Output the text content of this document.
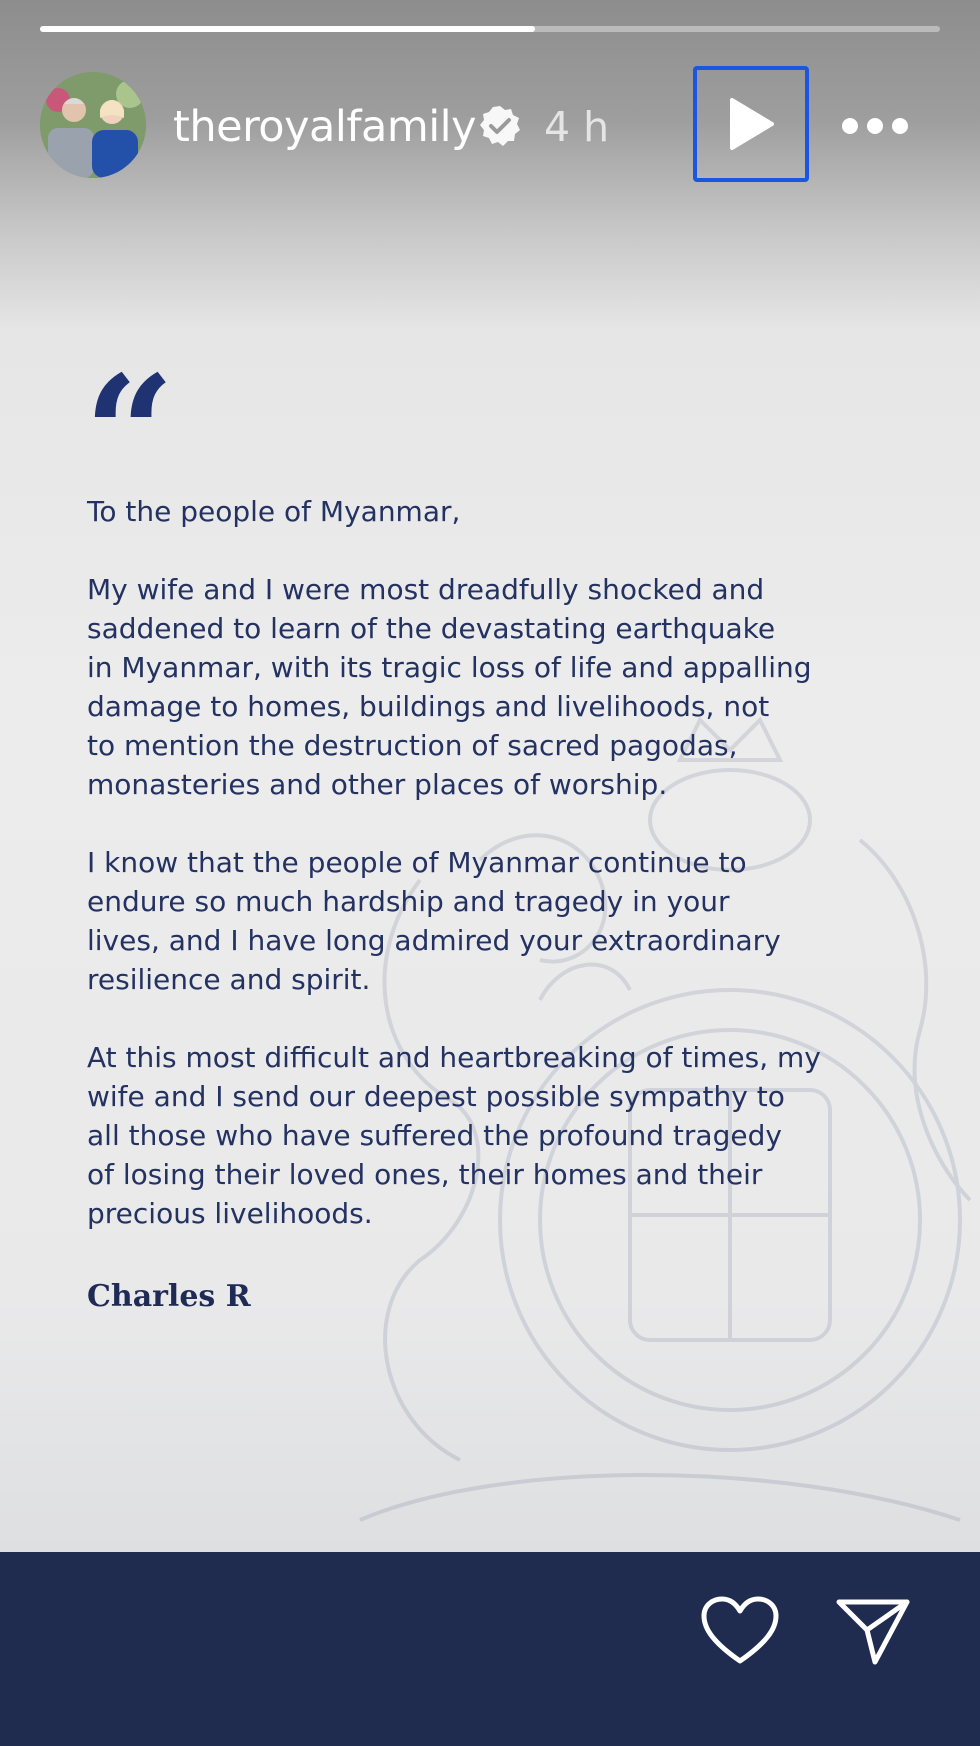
theroyalfamily 4 h
“

To the people of Myanmar,

My wife and I were most dreadfully shocked and
saddened to learn of the devastating earthquake
in Myanmar, with its tragic loss of life and appalling
damage to homes, buildings and livelihoods, not
to mention the destruction of sacred pagodas,
monasteries and other places of worship.

I know that the people of Myanmar continue to
endure so much hardship and tragedy in your
lives, and I have long admired your extraordinary
resilience and spirit.

At this most difficult and heartbreaking of times, my
wife and I send our deepest possible sympathy to
all those who have suffered the profound tragedy
of losing their loved ones, their homes and their
precious livelihoods.

Charles R
